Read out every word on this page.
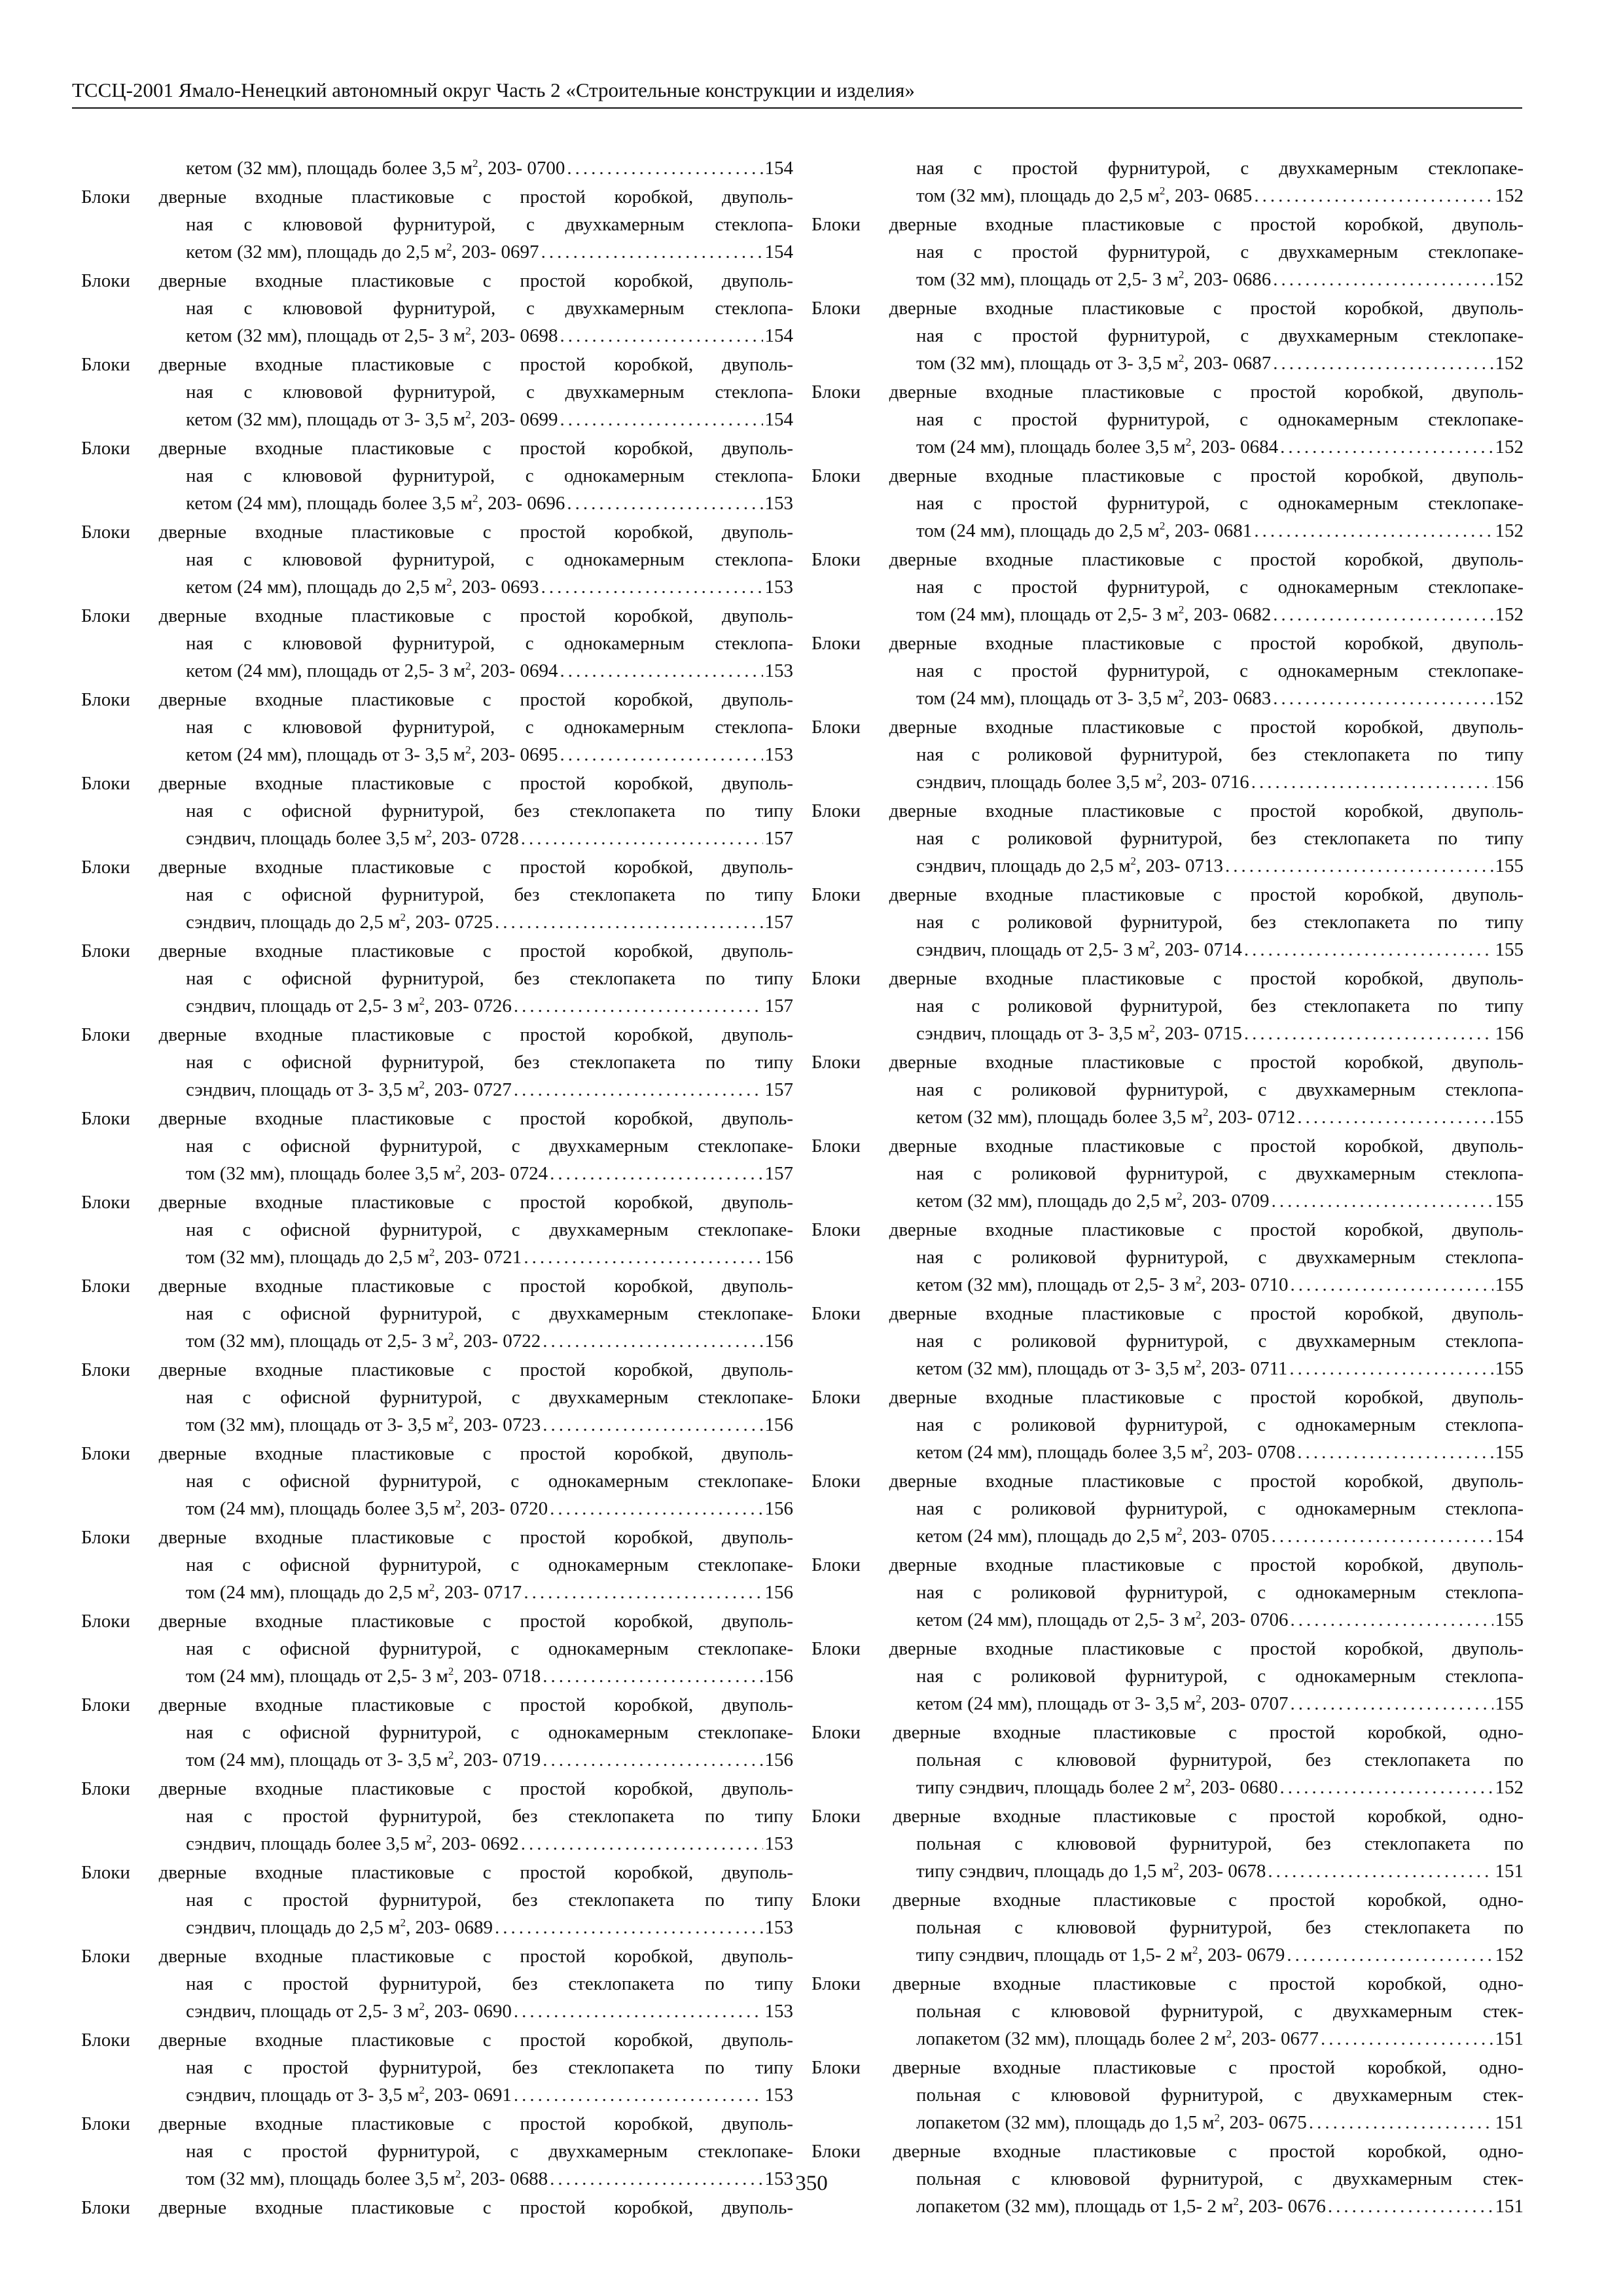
ТССЦ-2001 Ямало-Ненецкий автономный округ Часть 2 «Строительные конструкции и изделия»
кетом (32 мм), площадь более 3,5 $м^2$, 203- 0700 .....	154
Блоки дверные входные пластиковые с простой коробкой, двуполь-
ная с клювовой фурнитурой, с двухкамерным стеклопа-
кетом (32 мм), площадь до 2,5 $м^2$, 203- 0697 .....	154
Блоки дверные входные пластиковые с простой коробкой, двуполь-
ная с клювовой фурнитурой, с двухкамерным стеклопа-
кетом (32 мм), площадь от 2,5- 3 $м^2$, 203- 0698 .....	154
Блоки дверные входные пластиковые с простой коробкой, двуполь-
ная с клювовой фурнитурой, с двухкамерным стеклопа-
кетом (32 мм), площадь от 3- 3,5 $м^2$, 203- 0699 .....	154
Блоки дверные входные пластиковые с простой коробкой, двуполь-
ная с клювовой фурнитурой, с однокамерным стеклопа-
кетом (24 мм), площадь более 3,5 $м^2$, 203- 0696 .....	153
Блоки дверные входные пластиковые с простой коробкой, двуполь-
ная с клювовой фурнитурой, с однокамерным стеклопа-
кетом (24 мм), площадь до 2,5 $м^2$, 203- 0693 .....	153
Блоки дверные входные пластиковые с простой коробкой, двуполь-
ная с клювовой фурнитурой, с однокамерным стеклопа-
кетом (24 мм), площадь от 2,5- 3 $м^2$, 203- 0694 .....	153
Блоки дверные входные пластиковые с простой коробкой, двуполь-
ная с клювовой фурнитурой, с однокамерным стеклопа-
кетом (24 мм), площадь от 3- 3,5 $м^2$, 203- 0695 .....	153
Блоки дверные входные пластиковые с простой коробкой, двуполь-
ная с офисной фурнитурой, без стеклопакета по типу
сэндвич, площадь более 3,5 $м^2$, 203- 0728 .....	157
Блоки дверные входные пластиковые с простой коробкой, двуполь-
ная с офисной фурнитурой, без стеклопакета по типу
сэндвич, площадь до 2,5 $м^2$, 203- 0725 .....	157
Блоки дверные входные пластиковые с простой коробкой, двуполь-
ная с офисной фурнитурой, без стеклопакета по типу
сэндвич, площадь от 2,5- 3 $м^2$, 203- 0726 .....	157
Блоки дверные входные пластиковые с простой коробкой, двуполь-
ная с офисной фурнитурой, без стеклопакета по типу
сэндвич, площадь от 3- 3,5 $м^2$, 203- 0727 .....	157
Блоки дверные входные пластиковые с простой коробкой, двуполь-
ная с офисной фурнитурой, с двухкамерным стеклопаке-
том (32 мм), площадь более 3,5 $м^2$, 203- 0724 .....	157
Блоки дверные входные пластиковые с простой коробкой, двуполь-
ная с офисной фурнитурой, с двухкамерным стеклопаке-
том (32 мм), площадь до 2,5 $м^2$, 203- 0721 .....	156
Блоки дверные входные пластиковые с простой коробкой, двуполь-
ная с офисной фурнитурой, с двухкамерным стеклопаке-
том (32 мм), площадь от 2,5- 3 $м^2$, 203- 0722 .....	156
Блоки дверные входные пластиковые с простой коробкой, двуполь-
ная с офисной фурнитурой, с двухкамерным стеклопаке-
том (32 мм), площадь от 3- 3,5 $м^2$, 203- 0723 .....	156
Блоки дверные входные пластиковые с простой коробкой, двуполь-
ная с офисной фурнитурой, с однокамерным стеклопаке-
том (24 мм), площадь более 3,5 $м^2$, 203- 0720 .....	156
Блоки дверные входные пластиковые с простой коробкой, двуполь-
ная с офисной фурнитурой, с однокамерным стеклопаке-
том (24 мм), площадь до 2,5 $м^2$, 203- 0717 .....	156
Блоки дверные входные пластиковые с простой коробкой, двуполь-
ная с офисной фурнитурой, с однокамерным стеклопаке-
том (24 мм), площадь от 2,5- 3 $м^2$, 203- 0718 .....	156
Блоки дверные входные пластиковые с простой коробкой, двуполь-
ная с офисной фурнитурой, с однокамерным стеклопаке-
том (24 мм), площадь от 3- 3,5 $м^2$, 203- 0719 .....	156
Блоки дверные входные пластиковые с простой коробкой, двуполь-
ная с простой фурнитурой, без стеклопакета по типу
сэндвич, площадь более 3,5 $м^2$, 203- 0692 .....	153
Блоки дверные входные пластиковые с простой коробкой, двуполь-
ная с простой фурнитурой, без стеклопакета по типу
сэндвич, площадь до 2,5 $м^2$, 203- 0689 .....	153
Блоки дверные входные пластиковые с простой коробкой, двуполь-
ная с простой фурнитурой, без стеклопакета по типу
сэндвич, площадь от 2,5- 3 $м^2$, 203- 0690 .....	153
Блоки дверные входные пластиковые с простой коробкой, двуполь-
ная с простой фурнитурой, без стеклопакета по типу
сэндвич, площадь от 3- 3,5 $м^2$, 203- 0691 .....	153
Блоки дверные входные пластиковые с простой коробкой, двуполь-
ная с простой фурнитурой, с двухкамерным стеклопаке-
том (32 мм), площадь более 3,5 $м^2$, 203- 0688 .....	153
Блоки дверные входные пластиковые с простой коробкой, двуполь-
ная с простой фурнитурой, с двухкамерным стеклопаке-
том (32 мм), площадь до 2,5 $м^2$, 203- 0685 .....	152
Блоки дверные входные пластиковые с простой коробкой, двуполь-
ная с простой фурнитурой, с двухкамерным стеклопаке-
том (32 мм), площадь от 2,5- 3 $м^2$, 203- 0686 .....	152
Блоки дверные входные пластиковые с простой коробкой, двуполь-
ная с простой фурнитурой, с двухкамерным стеклопаке-
том (32 мм), площадь от 3- 3,5 $м^2$, 203- 0687 .....	152
Блоки дверные входные пластиковые с простой коробкой, двуполь-
ная с простой фурнитурой, с однокамерным стеклопаке-
том (24 мм), площадь более 3,5 $м^2$, 203- 0684 .....	152
Блоки дверные входные пластиковые с простой коробкой, двуполь-
ная с простой фурнитурой, с однокамерным стеклопаке-
том (24 мм), площадь до 2,5 $м^2$, 203- 0681 .....	152
Блоки дверные входные пластиковые с простой коробкой, двуполь-
ная с простой фурнитурой, с однокамерным стеклопаке-
том (24 мм), площадь от 2,5- 3 $м^2$, 203- 0682 .....	152
Блоки дверные входные пластиковые с простой коробкой, двуполь-
ная с простой фурнитурой, с однокамерным стеклопаке-
том (24 мм), площадь от 3- 3,5 $м^2$, 203- 0683 .....	152
Блоки дверные входные пластиковые с простой коробкой, двуполь-
ная с роликовой фурнитурой, без стеклопакета по типу
сэндвич, площадь более 3,5 $м^2$, 203- 0716 .....	156
Блоки дверные входные пластиковые с простой коробкой, двуполь-
ная с роликовой фурнитурой, без стеклопакета по типу
сэндвич, площадь до 2,5 $м^2$, 203- 0713 .....	155
Блоки дверные входные пластиковые с простой коробкой, двуполь-
ная с роликовой фурнитурой, без стеклопакета по типу
сэндвич, площадь от 2,5- 3 $м^2$, 203- 0714 .....	155
Блоки дверные входные пластиковые с простой коробкой, двуполь-
ная с роликовой фурнитурой, без стеклопакета по типу
сэндвич, площадь от 3- 3,5 $м^2$, 203- 0715 .....	156
Блоки дверные входные пластиковые с простой коробкой, двуполь-
ная с роликовой фурнитурой, с двухкамерным стеклопа-
кетом (32 мм), площадь более 3,5 $м^2$, 203- 0712 .....	155
Блоки дверные входные пластиковые с простой коробкой, двуполь-
ная с роликовой фурнитурой, с двухкамерным стеклопа-
кетом (32 мм), площадь до 2,5 $м^2$, 203- 0709 .....	155
Блоки дверные входные пластиковые с простой коробкой, двуполь-
ная с роликовой фурнитурой, с двухкамерным стеклопа-
кетом (32 мм), площадь от 2,5- 3 $м^2$, 203- 0710 .....	155
Блоки дверные входные пластиковые с простой коробкой, двуполь-
ная с роликовой фурнитурой, с двухкамерным стеклопа-
кетом (32 мм), площадь от 3- 3,5 $м^2$, 203- 0711 .....	155
Блоки дверные входные пластиковые с простой коробкой, двуполь-
ная с роликовой фурнитурой, с однокамерным стеклопа-
кетом (24 мм), площадь более 3,5 $м^2$, 203- 0708 .....	155
Блоки дверные входные пластиковые с простой коробкой, двуполь-
ная с роликовой фурнитурой, с однокамерным стеклопа-
кетом (24 мм), площадь до 2,5 $м^2$, 203- 0705 .....	154
Блоки дверные входные пластиковые с простой коробкой, двуполь-
ная с роликовой фурнитурой, с однокамерным стеклопа-
кетом (24 мм), площадь от 2,5- 3 $м^2$, 203- 0706 .....	155
Блоки дверные входные пластиковые с простой коробкой, двуполь-
ная с роликовой фурнитурой, с однокамерным стеклопа-
кетом (24 мм), площадь от 3- 3,5 $м^2$, 203- 0707 .....	155
Блоки дверные входные пластиковые с простой коробкой, одно-
польная с клювовой фурнитурой, без стеклопакета по
типу сэндвич, площадь более 2 $м^2$, 203- 0680 .....	152
Блоки дверные входные пластиковые с простой коробкой, одно-
польная с клювовой фурнитурой, без стеклопакета по
типу сэндвич, площадь до 1,5 $м^2$, 203- 0678 .....	151
Блоки дверные входные пластиковые с простой коробкой, одно-
польная с клювовой фурнитурой, без стеклопакета по
типу сэндвич, площадь от 1,5- 2 $м^2$, 203- 0679 .....	152
Блоки дверные входные пластиковые с простой коробкой, одно-
польная с клювовой фурнитурой, с двухкамерным стек-
лопакетом (32 мм), площадь более 2 $м^2$, 203- 0677 .....	151
Блоки дверные входные пластиковые с простой коробкой, одно-
польная с клювовой фурнитурой, с двухкамерным стек-
лопакетом (32 мм), площадь до 1,5 $м^2$, 203- 0675 .....	151
Блоки дверные входные пластиковые с простой коробкой, одно-
польная с клювовой фурнитурой, с двухкамерным стек-
лопакетом (32 мм), площадь от 1,5- 2 $м^2$, 203- 0676 .....	151
350
